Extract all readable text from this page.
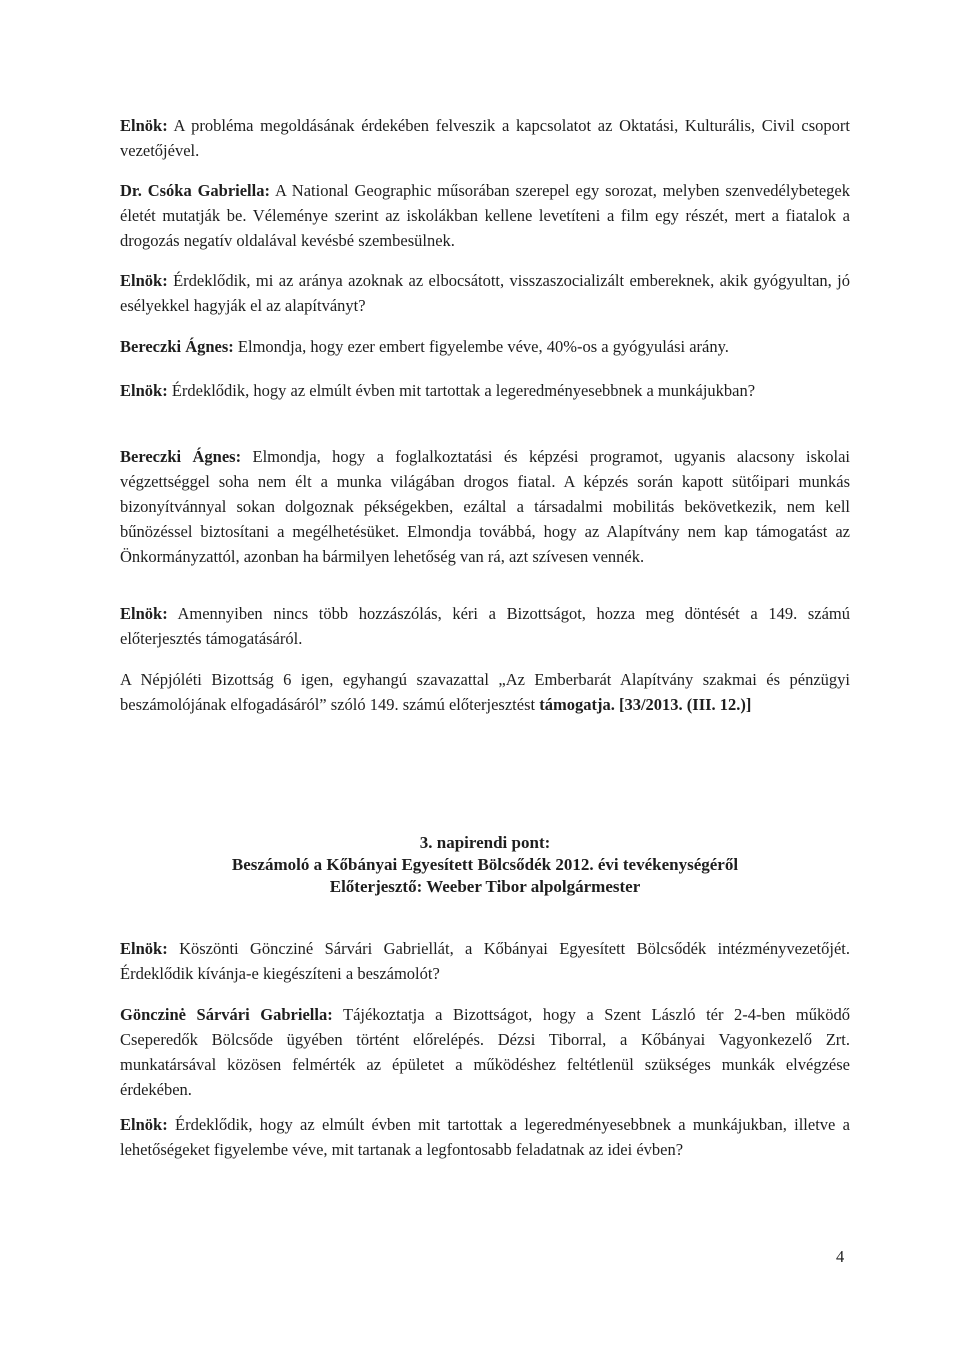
Elnök: A probléma megoldásának érdekében felveszik a kapcsolatot az Oktatási, Kulturális, Civil csoport vezetőjével.
Dr. Csóka Gabriella: A National Geographic műsorában szerepel egy sorozat, melyben szenvedélybetegek életét mutatják be. Véleménye szerint az iskolákban kellene levetíteni a film egy részét, mert a fiatalok a drogozás negatív oldalával kevésbé szembesülnek.
Elnök: Érdeklődik, mi az aránya azoknak az elbocsátott, visszaszocializált embereknek, akik gyógyultan, jó esélyekkel hagyják el az alapítványt?
Bereczki Ágnes: Elmondja, hogy ezer embert figyelembe véve, 40%-os a gyógyulási arány.
Elnök: Érdeklődik, hogy az elmúlt évben mit tartottak a legeredményesebbnek a munkájukban?
Bereczki Ágnes: Elmondja, hogy a foglalkoztatási és képzési programot, ugyanis alacsony iskolai végzettséggel soha nem élt a munka világában drogos fiatal. A képzés során kapott sütőipari munkás bizonyítvánnyal sokan dolgoznak pékségekben, ezáltal a társadalmi mobilitás bekövetkezik, nem kell bűnözéssel biztosítani a megélhetésüket. Elmondja továbbá, hogy az Alapítvány nem kap támogatást az Önkormányzattól, azonban ha bármilyen lehetőség van rá, azt szívesen vennék.
Elnök: Amennyiben nincs több hozzászólás, kéri a Bizottságot, hozza meg döntését a 149. számú előterjesztés támogatásáról.
A Népjóléti Bizottság 6 igen, egyhangú szavazattal „Az Emberbarát Alapítvány szakmai és pénzügyi beszámolójának elfogadásáról” szóló 149. számú előterjesztést támogatja. [33/2013. (III. 12.)]
3. napirendi pont:
Beszámoló a Kőbányai Egyesített Bölcsődék 2012. évi tevékenységéről
Előterjesztő: Weeber Tibor alpolgármester
Elnök: Köszönti Göncziné Sárvári Gabriellát, a Kőbányai Egyesített Bölcsődék intézményvezetőjét. Érdeklődik kívánja-e kiegészíteni a beszámolót?
Gönczinė Sárvári Gabriella: Tájékoztatja a Bizottságot, hogy a Szent László tér 2-4-ben működő Cseperedők Bölcsőde ügyében történt előrelépés. Dézsi Tiborral, a Kőbányai Vagyonkezelő Zrt. munkatársával közösen felmérték az épületet a működéshez feltétlenül szükséges munkák elvégzése érdekében.
Elnök: Érdeklődik, hogy az elmúlt évben mit tartottak a legeredményesebbnek a munkájukban, illetve a lehetőségeket figyelembe véve, mit tartanak a legfontosabb feladatnak az idei évben?
4
